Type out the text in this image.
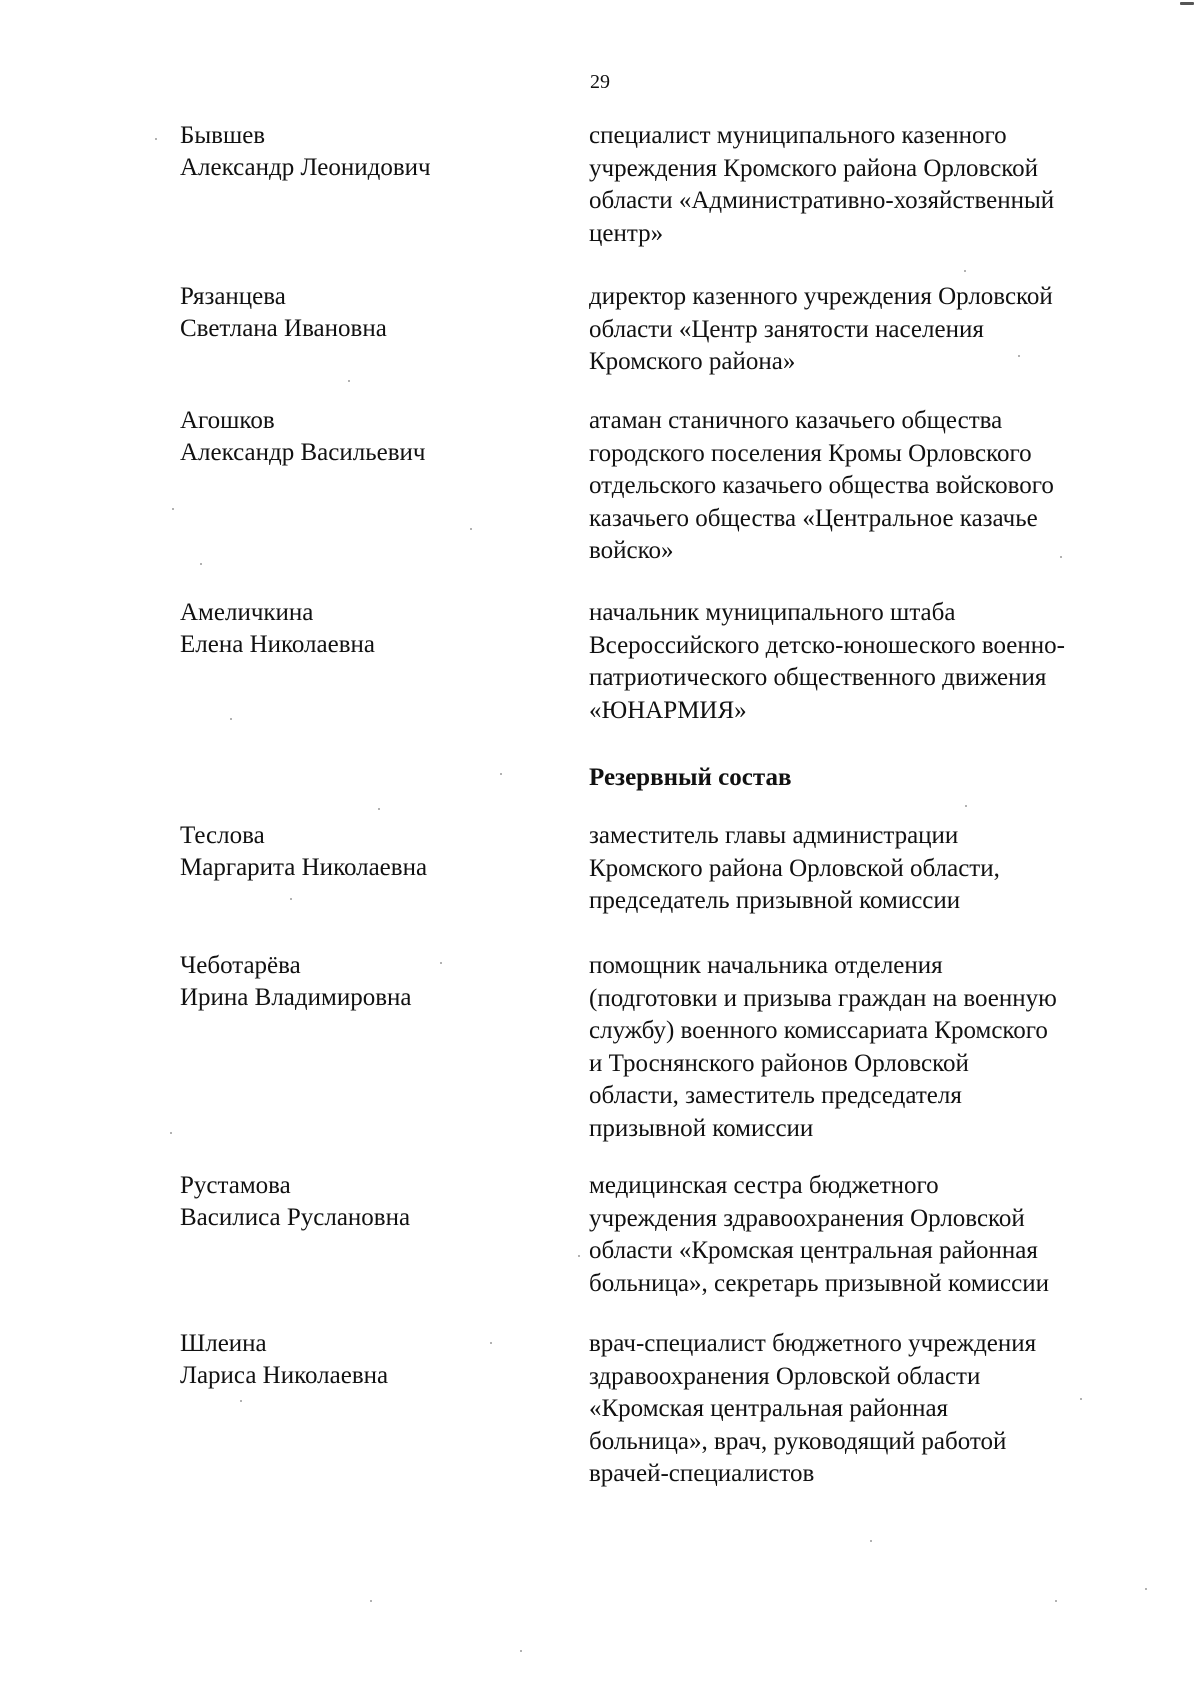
29
Бывшев
Александр Леонидович
специалист муниципального казенного
учреждения Кромского района Орловской
области «Административно-хозяйственный
центр»
Рязанцева
Светлана Ивановна
директор казенного учреждения Орловской
области «Центр занятости населения
Кромского района»
Агошков
Александр Васильевич
атаман станичного казачьего общества
городского поселения Кромы Орловского
отдельского казачьего общества войскового
казачьего общества «Центральное казачье
войско»
Амеличкина
Елена Николаевна
начальник муниципального штаба
Всероссийского детско-юношеского военно-
патриотического общественного движения
«ЮНАРМИЯ»
Резервный состав
Теслова
Маргарита Николаевна
заместитель главы администрации
Кромского района Орловской области,
председатель призывной комиссии
Чеботарёва
Ирина Владимировна
помощник начальника отделения
(подготовки и призыва граждан на военную
службу) военного комиссариата Кромского
и Троснянского районов Орловской
области, заместитель председателя
призывной комиссии
Рустамова
Василиса Руслановна
медицинская сестра бюджетного
учреждения здравоохранения Орловской
области «Кромская центральная районная
больница», секретарь призывной комиссии
Шлеина
Лариса Николаевна
врач-специалист бюджетного учреждения
здравоохранения Орловской области
«Кромская центральная районная
больница», врач, руководящий работой
врачей-специалистов
